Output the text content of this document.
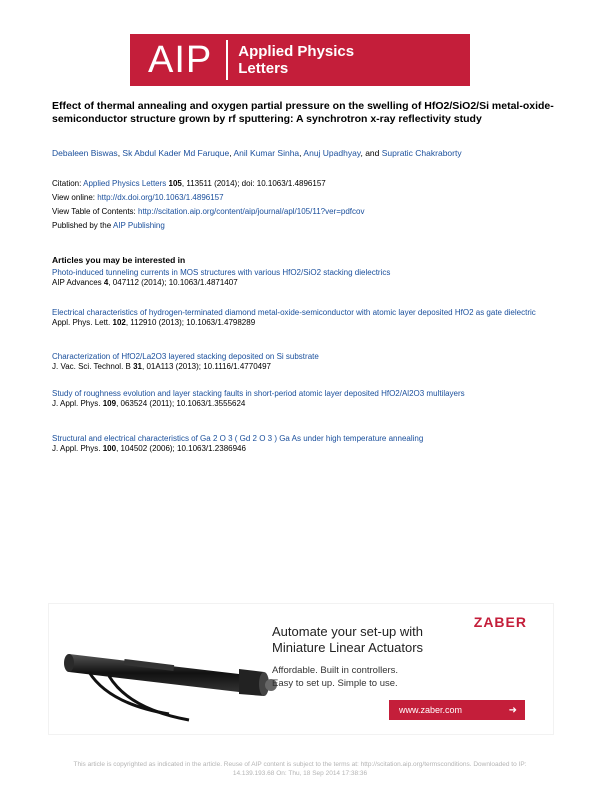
AIP Applied Physics
Letters
Effect of thermal annealing and oxygen partial pressure on the swelling of HfO2/SiO2/Si metal-oxide-semiconductor structure grown by rf sputtering: A synchrotron x-ray reflectivity study
Debaleen Biswas, Sk Abdul Kader Md Faruque, Anil Kumar Sinha, Anuj Upadhyay, and Supratic Chakraborty
Citation: Applied Physics Letters 105, 113511 (2014); doi: 10.1063/1.4896157
View online: http://dx.doi.org/10.1063/1.4896157
View Table of Contents: http://scitation.aip.org/content/aip/journal/apl/105/11?ver=pdfcov
Published by the AIP Publishing
Articles you may be interested in
Photo-induced tunneling currents in MOS structures with various HfO2/SiO2 stacking dielectrics
AIP Advances 4, 047112 (2014); 10.1063/1.4871407
Electrical characteristics of hydrogen-terminated diamond metal-oxide-semiconductor with atomic layer deposited HfO2 as gate dielectric
Appl. Phys. Lett. 102, 112910 (2013); 10.1063/1.4798289
Characterization of HfO2/La2O3 layered stacking deposited on Si substrate
J. Vac. Sci. Technol. B 31, 01A113 (2013); 10.1116/1.4770497
Study of roughness evolution and layer stacking faults in short-period atomic layer deposited HfO2/Al2O3 multilayers
J. Appl. Phys. 109, 063524 (2011); 10.1063/1.3555624
Structural and electrical characteristics of Ga 2 O 3 ( Gd 2 O 3 ) Ga As under high temperature annealing
J. Appl. Phys. 100, 104502 (2006); 10.1063/1.2386946
ZABER
Automate your set-up with
Miniature Linear Actuators
Affordable. Built in controllers.
Easy to set up. Simple to use.
www.zaber.com	➜
This article is copyrighted as indicated in the article. Reuse of AIP content is subject to the terms at: http://scitation.aip.org/termsconditions. Downloaded to IP:
14.139.193.68 On: Thu, 18 Sep 2014 17:38:36
